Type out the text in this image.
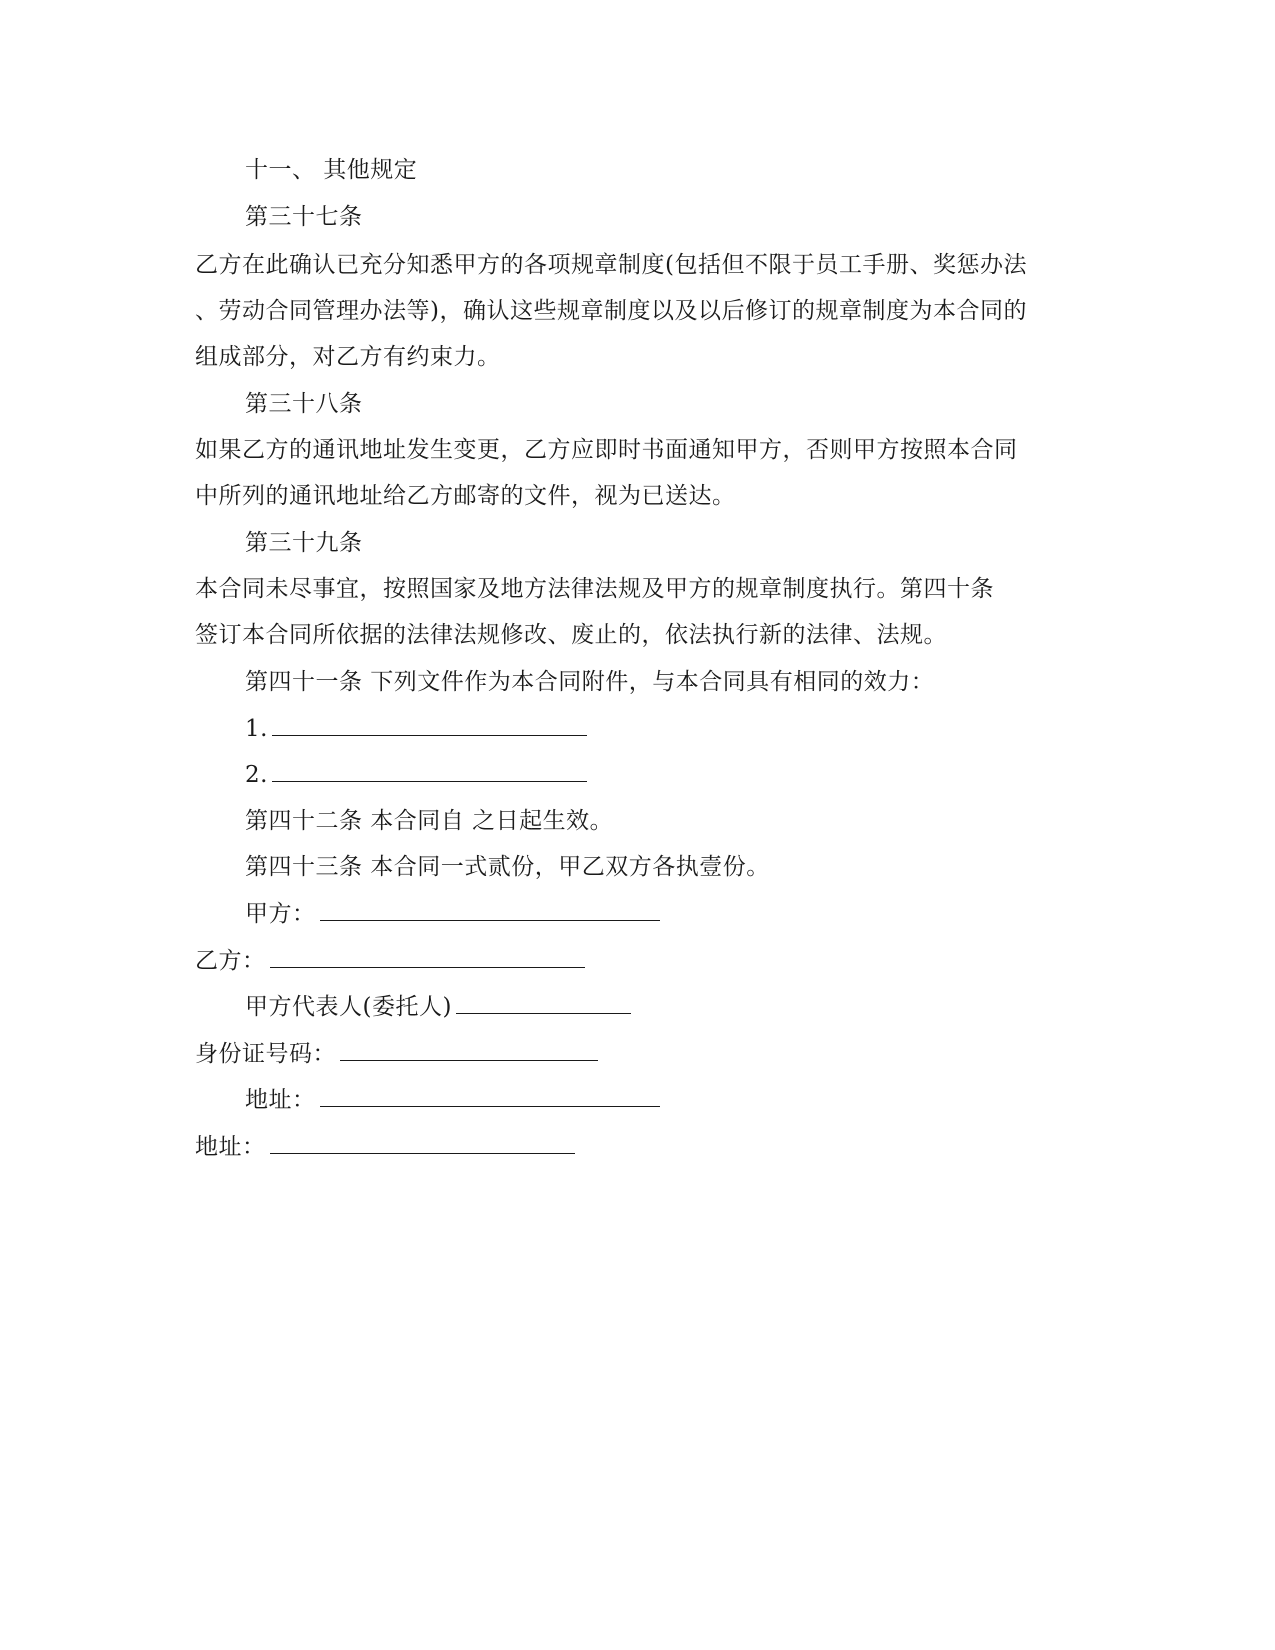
十一、 其他规定
第三十七条
乙方在此确认已充分知悉甲方的各项规章制度(包括但不限于员工手册、奖惩办法
、劳动合同管理办法等)，确认这些规章制度以及以后修订的规章制度为本合同的
组成部分，对乙方有约束力。
第三十八条
如果乙方的通讯地址发生变更，乙方应即时书面通知甲方，否则甲方按照本合同
中所列的通讯地址给乙方邮寄的文件，视为已送达。
第三十九条
本合同未尽事宜，按照国家及地方法律法规及甲方的规章制度执行。第四十条
签订本合同所依据的法律法规修改、废止的，依法执行新的法律、法规。
第四十一条 下列文件作为本合同附件，与本合同具有相同的效力：
1.
2.
第四十二条 本合同自 之日起生效。
第四十三条 本合同一式贰份，甲乙双方各执壹份。
甲方：
乙方：
甲方代表人(委托人)
身份证号码：
地址：
地址：
